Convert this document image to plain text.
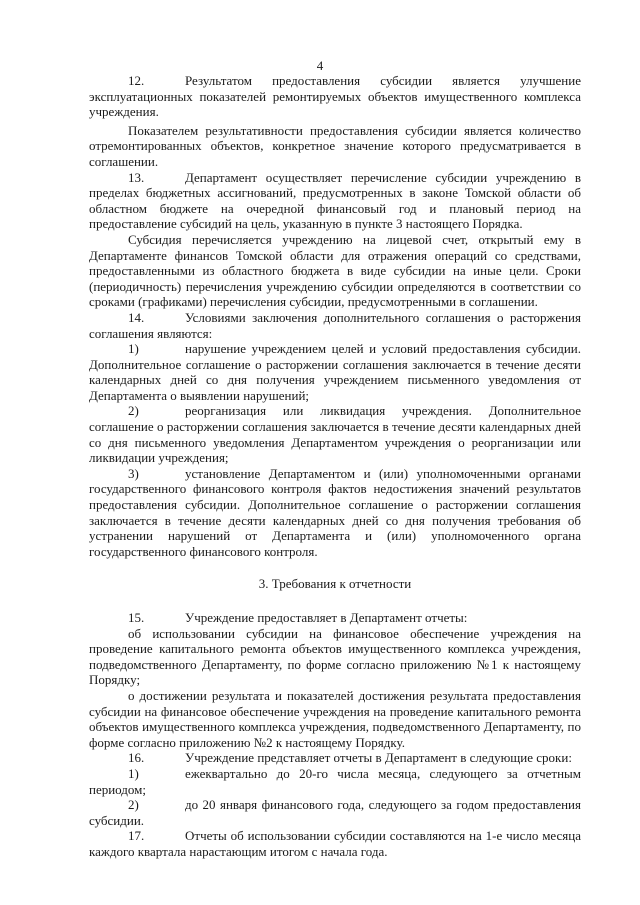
4

12.	Результатом предоставления субсидии является улучшение эксплуатационных показателей ремонтируемых объектов имущественного комплекса учреждения.

Показателем результативности предоставления субсидии является количество отремонтированных объектов, конкретное значение которого предусматривается в соглашении.

13.	Департамент осуществляет перечисление субсидии учреждению в пределах бюджетных ассигнований, предусмотренных в законе Томской области об областном бюджете на очередной финансовый год и плановый период на предоставление субсидий на цель, указанную в пункте 3 настоящего Порядка.

Субсидия перечисляется учреждению на лицевой счет, открытый ему в Департаменте финансов Томской области для отражения операций со средствами, предоставленными из областного бюджета в виде субсидии на иные цели. Сроки (периодичность) перечисления учреждению субсидии определяются в соответствии со сроками (графиками) перечисления субсидии, предусмотренными в соглашении.

14.	Условиями заключения дополнительного соглашения о расторжения соглашения являются:

1)	нарушение учреждением целей и условий предоставления субсидии. Дополнительное соглашение о расторжении соглашения заключается в течение десяти календарных дней со дня получения учреждением письменного уведомления от Департамента о выявлении нарушений;

2)	реорганизация или ликвидация учреждения. Дополнительное соглашение о расторжении соглашения заключается в течение десяти календарных дней со дня письменного уведомления Департаментом учреждения о реорганизации или ликвидации учреждения;

3)	установление Департаментом и (или) уполномоченными органами государственного финансового контроля фактов недостижения значений результатов предоставления субсидии. Дополнительное соглашение о расторжении соглашения заключается в течение десяти календарных дней со дня получения требования об устранении нарушений от Департамента и (или) уполномоченного органа государственного финансового контроля.

3. Требования к отчетности

15.	Учреждение предоставляет в Департамент отчеты:

об использовании субсидии на финансовое обеспечение учреждения на проведение капитального ремонта объектов имущественного комплекса учреждения, подведомственного Департаменту, по форме согласно приложению №1 к настоящему Порядку;

о достижении результата и показателей достижения результата предоставления субсидии на финансовое обеспечение учреждения на проведение капитального ремонта объектов имущественного комплекса учреждения, подведомственного Департаменту, по форме согласно приложению №2 к настоящему Порядку.

16.	Учреждение представляет отчеты в Департамент в следующие сроки:

1)	ежеквартально до 20-го числа месяца, следующего за отчетным периодом;

2)	до 20 января финансового года, следующего за годом предоставления субсидии.

17.	Отчеты об использовании субсидии составляются на 1-е число месяца каждого квартала нарастающим итогом с начала года.
